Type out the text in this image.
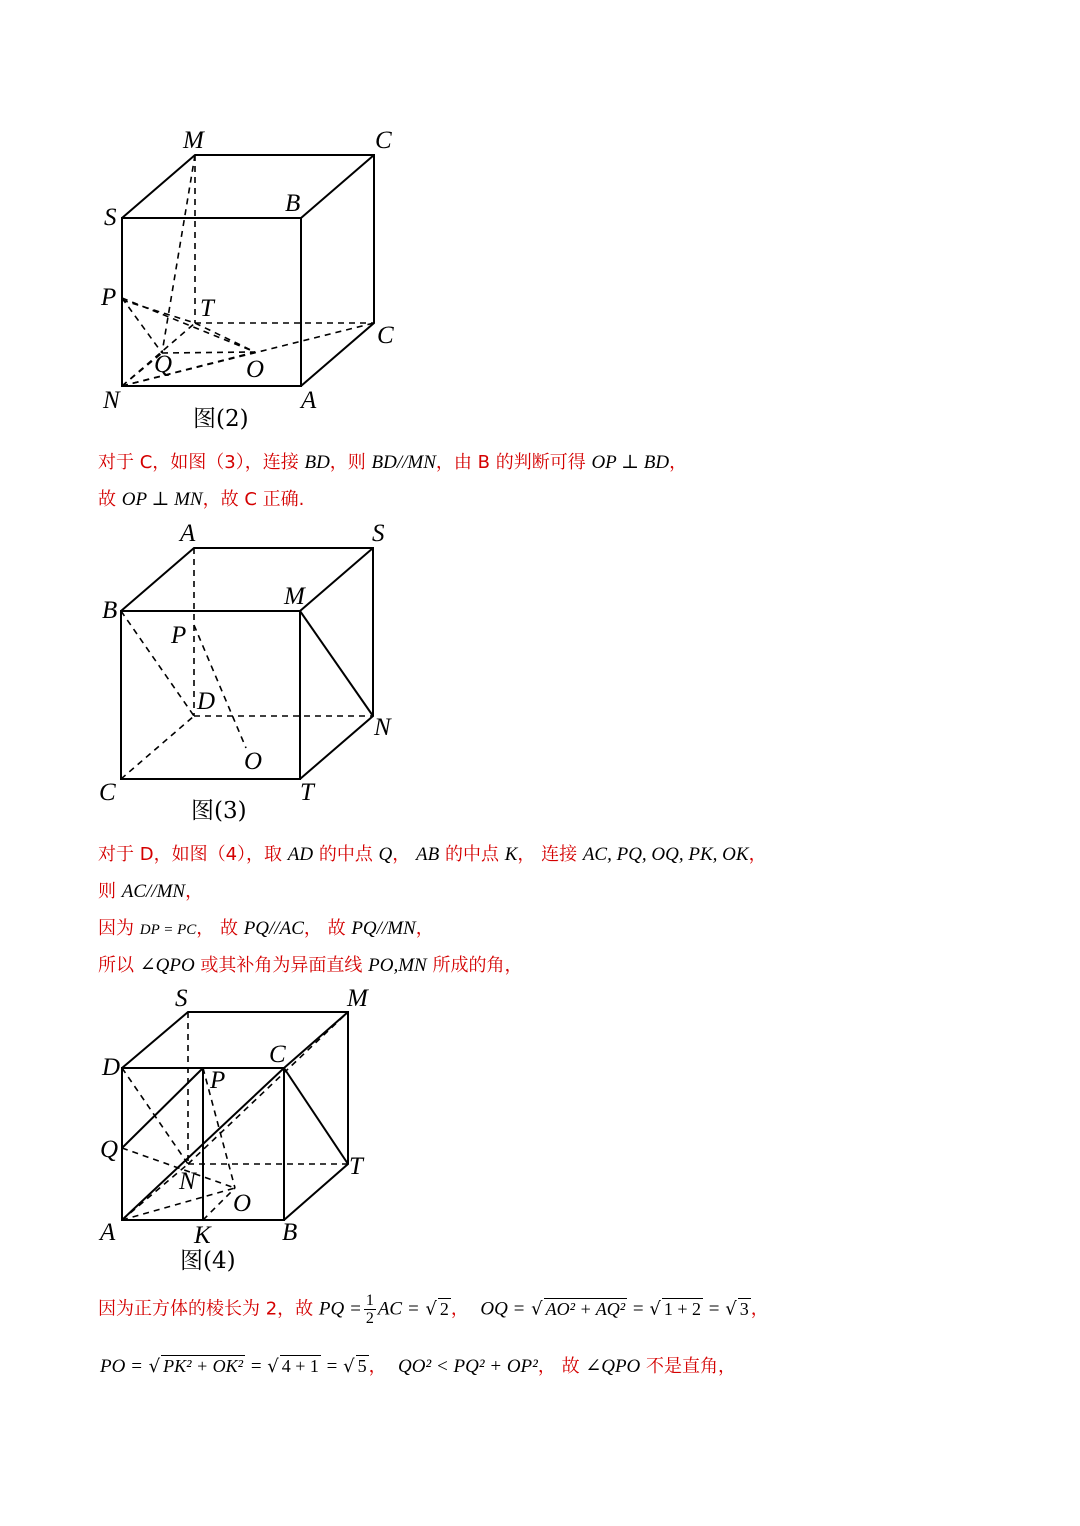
M	C
S
B
P	T
C
Q	O
N	A
图(2)
对于 C，如图（3），连接 BD，则 BD//MN，由 B 的判断可得 OP ⊥ BD，
故 OP ⊥ MN，故 C 正确.
A	S
B
M
P
D
N
O
C	T
图(3)
对于 D，如图（4），取 AD 的中点 Q， AB 的中点 K， 连接 AC, PQ, OQ, PK, OK，
则 AC//MN，
因为 DP = PC， 故 PQ//AC， 故 PQ//MN，
所以 ∠QPO 或其补角为异面直线 PO,MN 所成的角，
S	M
D	C
P
Q
T
N
O
A	K	B
图(4)
因为正方体的棱长为 2，故 PQ = $\frac{1}{2}$ AC = √ 2 ， OQ = √ AO² + AQ² = √ 1 + 2 = √ 3 ，
PO = √ PK² + OK² = √ 4 + 1 = √ 5 ， QO² < PQ² + OP²， 故 ∠QPO 不是直角，
